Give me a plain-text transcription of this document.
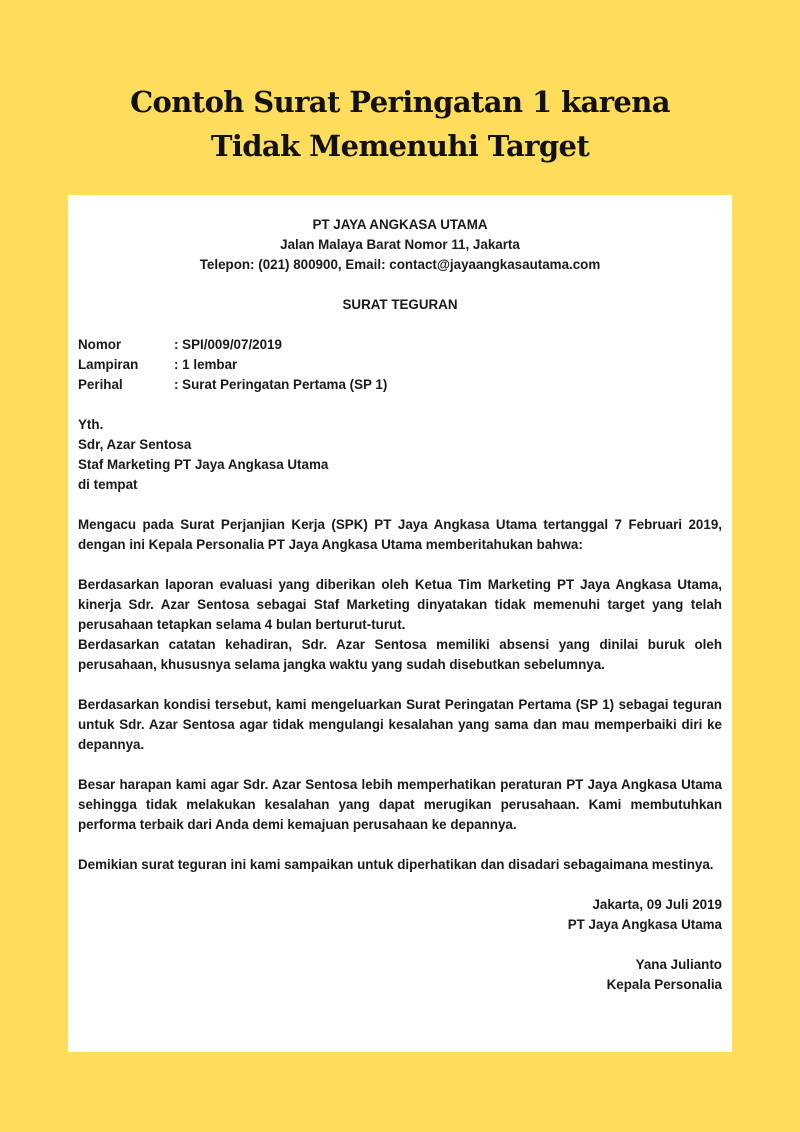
Contoh Surat Peringatan 1 karena
Tidak Memenuhi Target

PT JAYA ANGKASA UTAMA

Jalan Malaya Barat Nomor 11, Jakarta

Telepon: (021) 800900, Email: contact@jayaangkasautama.com

SURAT TEGURAN

Nomor	: SPI/009/07/2019
Lampiran	: 1 lembar
Perihal	: Surat Peringatan Pertama (SP 1)

Yth.

Sdr, Azar Sentosa

Staf Marketing PT Jaya Angkasa Utama

di tempat

Mengacu pada Surat Perjanjian Kerja (SPK) PT Jaya Angkasa Utama tertanggal 7 Februari 2019, dengan ini Kepala Personalia PT Jaya Angkasa Utama memberitahukan bahwa:

Berdasarkan laporan evaluasi yang diberikan oleh Ketua Tim Marketing PT Jaya Angkasa Utama, kinerja Sdr. Azar Sentosa sebagai Staf Marketing dinyatakan tidak memenuhi target yang telah perusahaan tetapkan selama 4 bulan berturut-turut.

Berdasarkan catatan kehadiran, Sdr. Azar Sentosa memiliki absensi yang dinilai buruk oleh perusahaan, khususnya selama jangka waktu yang sudah disebutkan sebelumnya.

Berdasarkan kondisi tersebut, kami mengeluarkan Surat Peringatan Pertama (SP 1) sebagai teguran untuk Sdr. Azar Sentosa agar tidak mengulangi kesalahan yang sama dan mau memperbaiki diri ke depannya.

Besar harapan kami agar Sdr. Azar Sentosa lebih memperhatikan peraturan PT Jaya Angkasa Utama sehingga tidak melakukan kesalahan yang dapat merugikan perusahaan. Kami membutuhkan performa terbaik dari Anda demi kemajuan perusahaan ke depannya.

Demikian surat teguran ini kami sampaikan untuk diperhatikan dan disadari sebagaimana mestinya.

Jakarta, 09 Juli 2019

PT Jaya Angkasa Utama

Yana Julianto

Kepala Personalia
